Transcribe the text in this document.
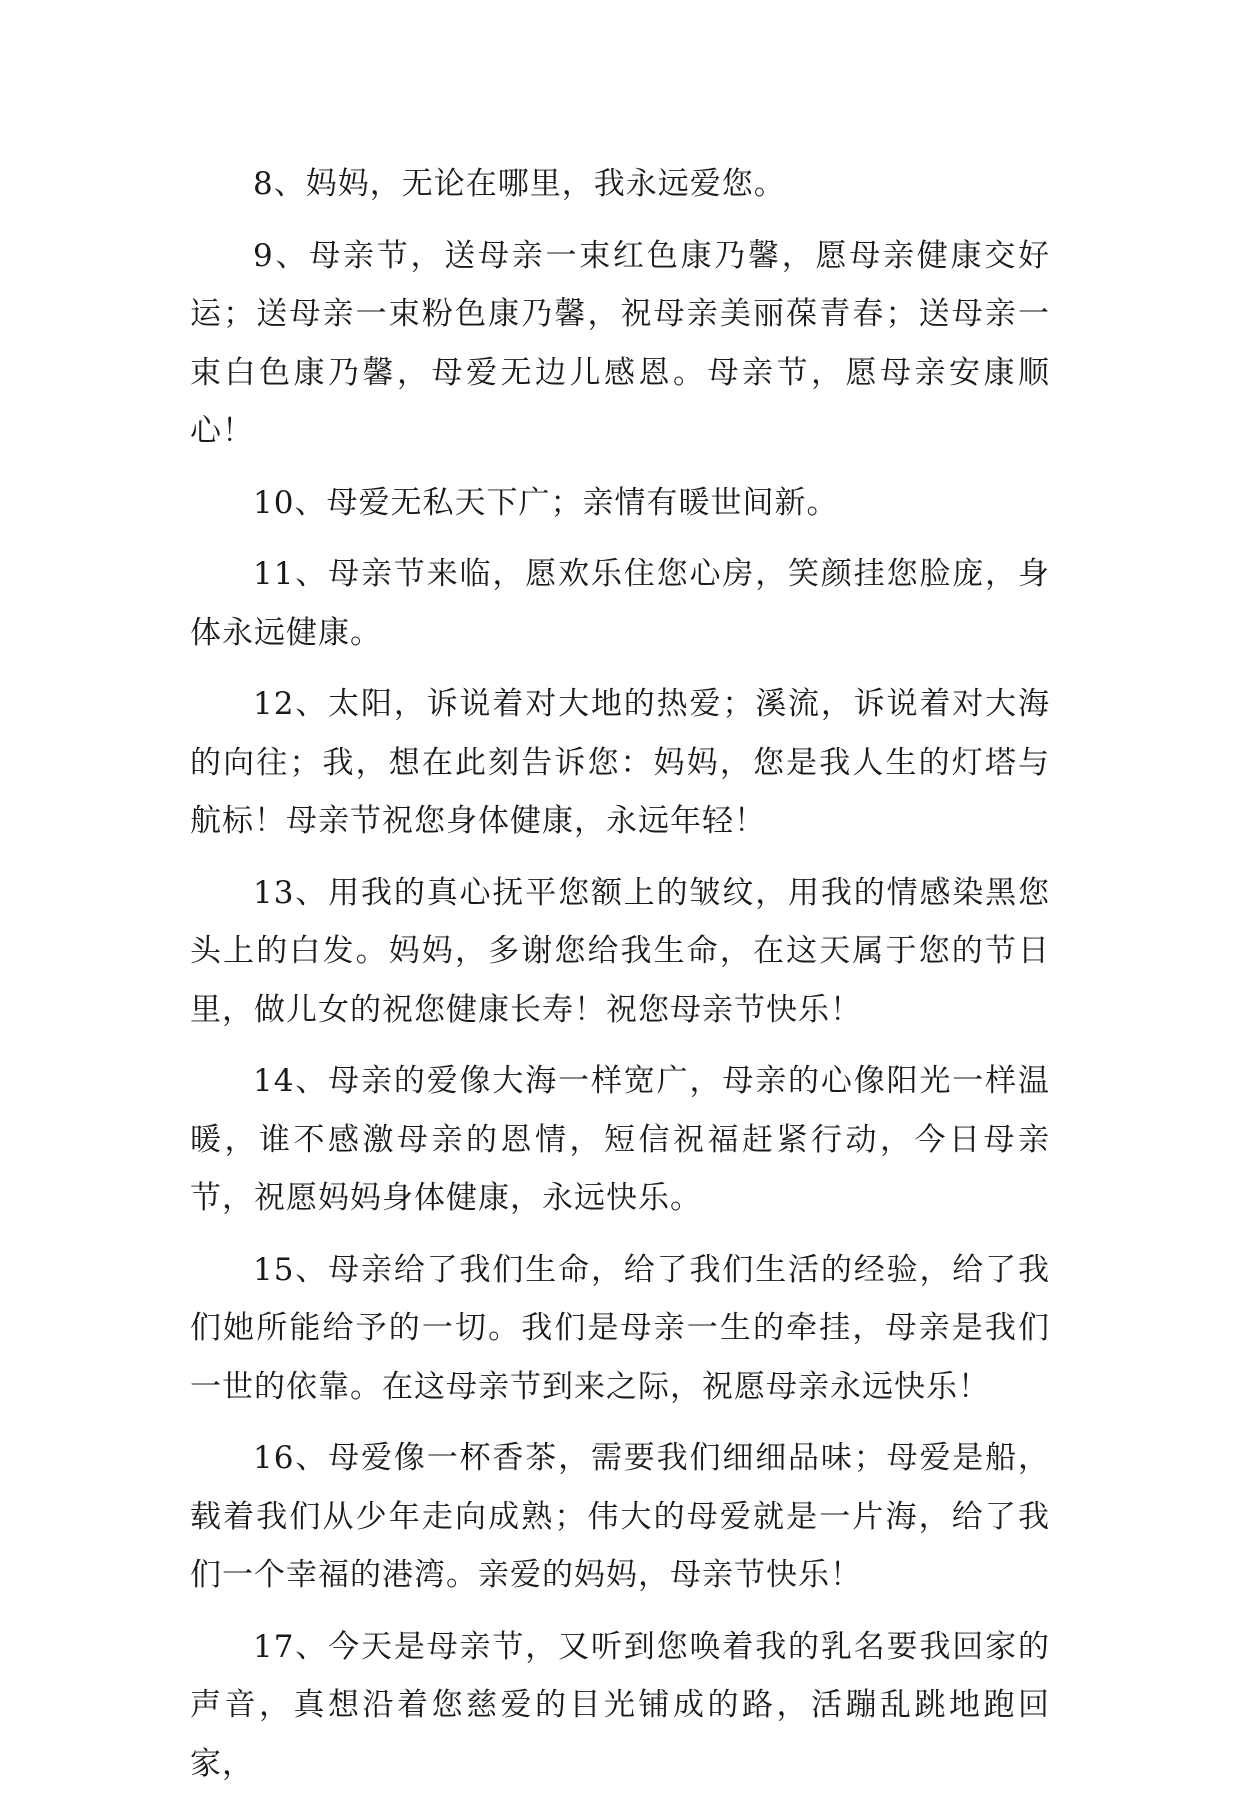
8、妈妈，无论在哪里，我永远爱您。

9、母亲节，送母亲一束红色康乃馨，愿母亲健康交好运；送母亲一束粉色康乃馨，祝母亲美丽葆青春；送母亲一束白色康乃馨，母爱无边儿感恩。母亲节，愿母亲安康顺心！

10、母爱无私天下广；亲情有暖世间新。

11、母亲节来临，愿欢乐住您心房，笑颜挂您脸庞，身体永远健康。

12、太阳，诉说着对大地的热爱；溪流，诉说着对大海的向往；我，想在此刻告诉您：妈妈，您是我人生的灯塔与航标！母亲节祝您身体健康，永远年轻！

13、用我的真心抚平您额上的皱纹，用我的情感染黑您头上的白发。妈妈，多谢您给我生命，在这天属于您的节日里，做儿女的祝您健康长寿！祝您母亲节快乐！

14、母亲的爱像大海一样宽广，母亲的心像阳光一样温暖，谁不感激母亲的恩情，短信祝福赶紧行动，今日母亲节，祝愿妈妈身体健康，永远快乐。

15、母亲给了我们生命，给了我们生活的经验，给了我们她所能给予的一切。我们是母亲一生的牵挂，母亲是我们一世的依靠。在这母亲节到来之际，祝愿母亲永远快乐！

16、母爱像一杯香茶，需要我们细细品味；母爱是船，载着我们从少年走向成熟；伟大的母爱就是一片海，给了我们一个幸福的港湾。亲爱的妈妈，母亲节快乐！

17、今天是母亲节，又听到您唤着我的乳名要我回家的声音，真想沿着您慈爱的目光铺成的路，活蹦乱跳地跑回家，
